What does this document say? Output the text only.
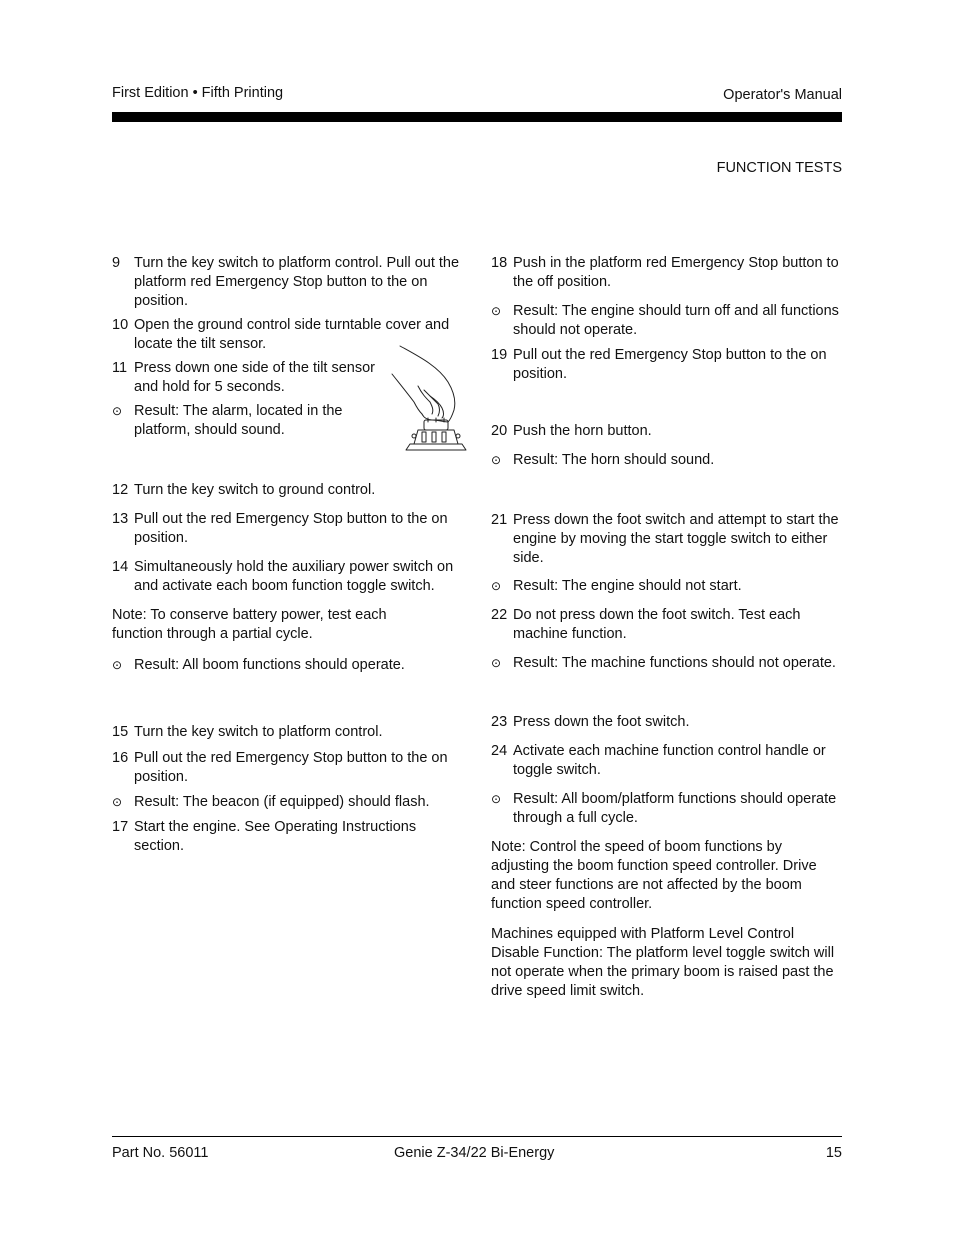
First Edition • Fifth Printing	Operator's Manual
FUNCTION TESTS

9 Turn the key switch to platform control. Pull out the platform red Emergency Stop button to the on position.

10 Open the ground control side turntable cover and locate the tilt sensor.

11 Press down one side of the tilt sensor and hold for 5 seconds.

⊙ Result: The alarm, located in the platform, should sound.

12 Turn the key switch to ground control.

13 Pull out the red Emergency Stop button to the on position.

14 Simultaneously hold the auxiliary power switch on and activate each boom function toggle switch.

Note: To conserve battery power, test each function through a partial cycle.

⊙ Result: All boom functions should operate.

15 Turn the key switch to platform control.

16 Pull out the red Emergency Stop button to the on position.

⊙ Result: The beacon (if equipped) should flash.

17 Start the engine. See Operating Instructions section.

18 Push in the platform red Emergency Stop button to the off position.

⊙ Result: The engine should turn off and all functions should not operate.

19 Pull out the red Emergency Stop button to the on position.

20 Push the horn button.

⊙ Result: The horn should sound.

21 Press down the foot switch and attempt to start the engine by moving the start toggle switch to either side.

⊙ Result: The engine should not start.

22 Do not press down the foot switch. Test each machine function.

⊙ Result: The machine functions should not operate.

23 Press down the foot switch.

24 Activate each machine function control handle or toggle switch.

⊙ Result: All boom/platform functions should operate through a full cycle.

Note: Control the speed of boom functions by adjusting the boom function speed controller. Drive and steer functions are not affected by the boom function speed controller.

Machines equipped with Platform Level Control Disable Function: The platform level toggle switch will not operate when the primary boom is raised past the drive speed limit switch.

Part No. 56011	Genie Z-34/22 Bi-Energy	15
